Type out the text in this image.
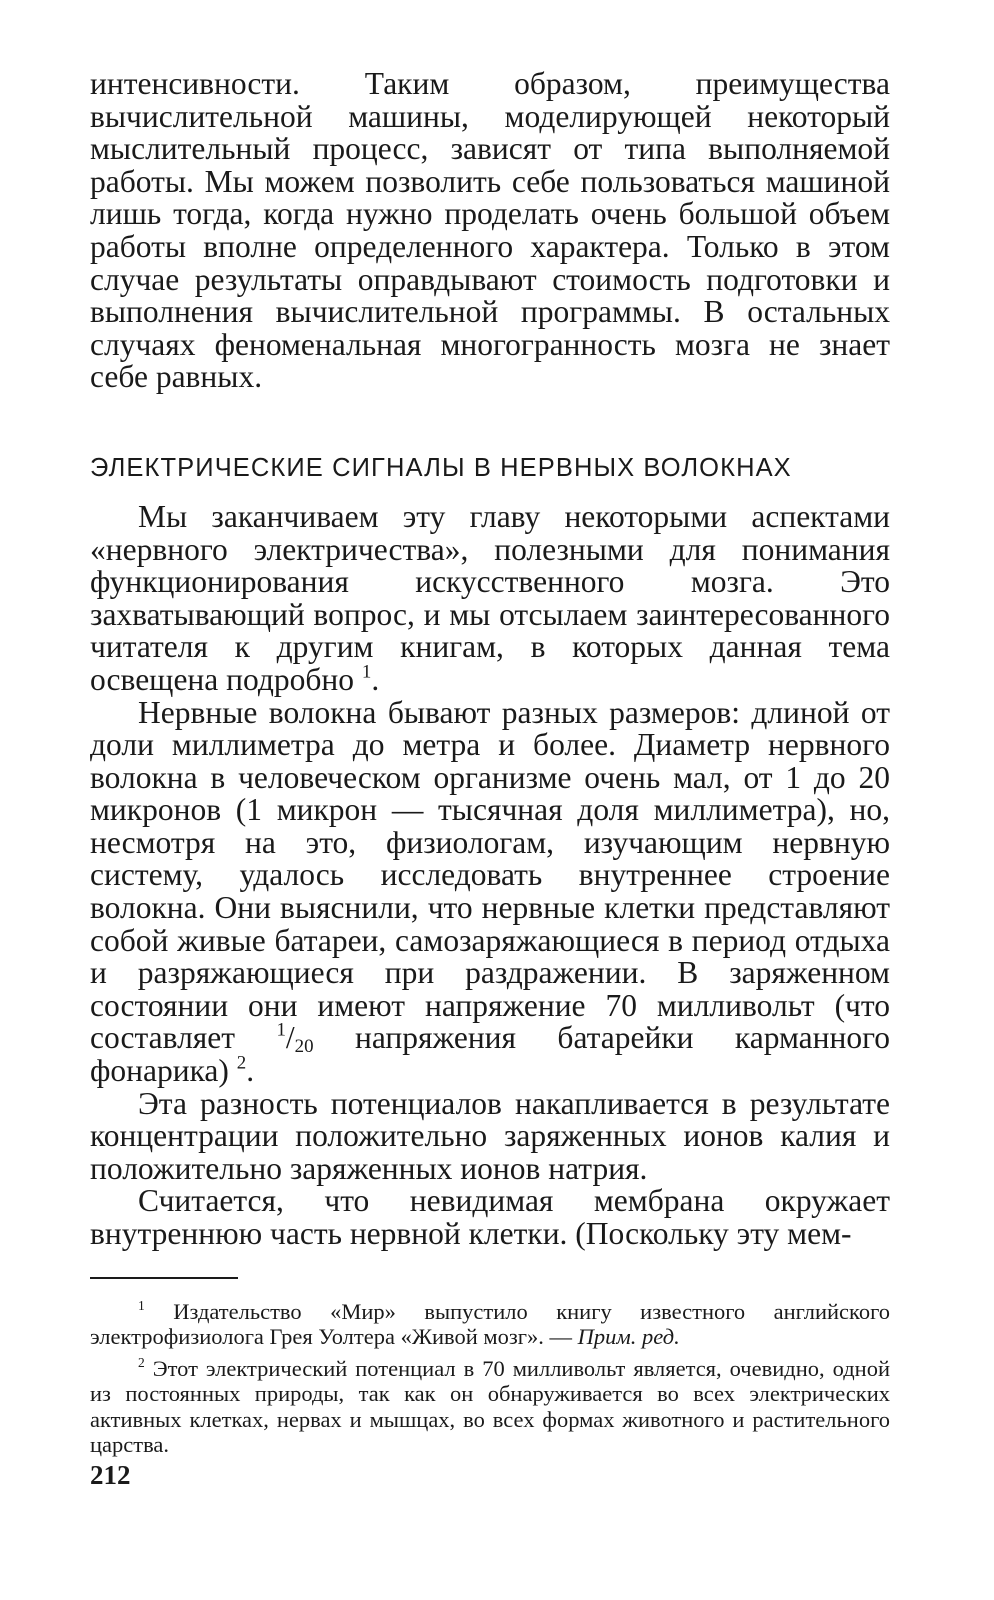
интенсивности. Таким образом, преимущества вычислительной машины, моделирующей некоторый мыслительный процесс, зависят от типа выполняемой работы. Мы можем позволить себе пользоваться машиной лишь тогда, когда нужно проделать очень большой объем работы вполне определенного характера. Только в этом случае результаты оправдывают стоимость подготовки и выполнения вычислительной программы. В остальных случаях феноменальная многогранность мозга не знает себе равных.

ЭЛЕКТРИЧЕСКИЕ СИГНАЛЫ В НЕРВНЫХ ВОЛОКНАХ

Мы заканчиваем эту главу некоторыми аспектами «нервного электричества», полезными для понимания функционирования искусственного мозга. Это захватывающий вопрос, и мы отсылаем заинтересованного читателя к другим книгам, в которых данная тема освещена подробно $^1$.

Нервные волокна бывают разных размеров: длиной от доли миллиметра до метра и более. Диаметр нервного волокна в человеческом организме очень мал, от 1 до 20 микронов (1 микрон — тысячная доля миллиметра), но, несмотря на это, физиологам, изучающим нервную систему, удалось исследовать внутреннее строение волокна. Они выяснили, что нервные клетки представляют собой живые батареи, самозаряжающиеся в период отдыха и разряжающиеся при раздражении. В заряженном состоянии они имеют напряжение 70 милливольт (что составляет $^1/_{20}$ напряжения батарейки карманного фонарика) $^2$.

Эта разность потенциалов накапливается в результате концентрации положительно заряженных ионов калия и положительно заряженных ионов натрия.

Считается, что невидимая мембрана окружает внутреннюю часть нервной клетки. (Поскольку эту мем-

$^1$ Издательство «Мир» выпустило книгу известного английского электрофизиолога Грея Уолтера «Живой мозг». — Прим. ред.

$^2$ Этот электрический потенциал в 70 милливольт является, очевидно, одной из постоянных природы, так как он обнаруживается во всех электрических активных клетках, нервах и мышцах, во всех формах животного и растительного царства.

212
